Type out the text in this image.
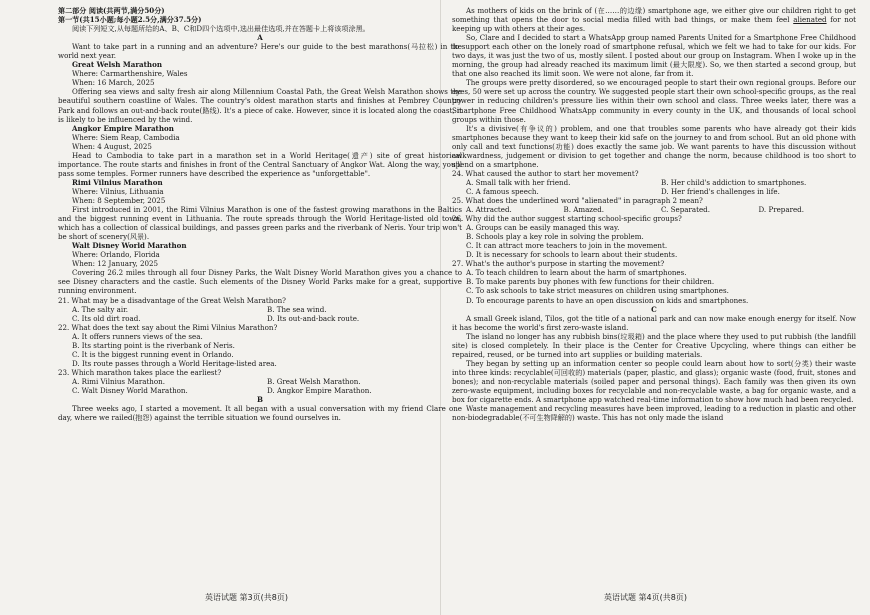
第二部分 阅读(共两节,满分50分)

第一节(共15小题;每小题2.5分,满分37.5分)

阅读下列短文,从每题所给的A、B、C和D四个选项中,选出最佳选项,并在答题卡上将该项涂黑。

A

Want to take part in a running and an adventure? Here's our guide to the best marathons(马拉松) in the world next year.

Great Welsh Marathon

Where: Carmarthenshire, Wales

When: 16 March, 2025

Offering sea views and salty fresh air along Millennium Coastal Path, the Great Welsh Marathon shows the beautiful southern coastline of Wales. The country's oldest marathon starts and finishes at Pembrey Country Park and follows an out-and-back route(路线). It's a piece of cake. However, since it is located along the coast, it is likely to be influenced by the wind.

Angkor Empire Marathon

Where: Siem Reap, Cambodia

When: 4 August, 2025

Head to Cambodia to take part in a marathon set in a World Heritage(遗产) site of great historical importance. The route starts and finishes in front of the Central Sanctuary of Angkor Wat. Along the way, you'll pass some temples. Former runners have described the experience as "unforgettable".

Rimi Vilnius Marathon

Where: Vilnius, Lithuania

When: 8 September, 2025

First introduced in 2001, the Rimi Vilnius Marathon is one of the fastest growing marathons in the Baltics and the biggest running event in Lithuania. The route spreads through the World Heritage-listed old town, which has a collection of classical buildings, and passes green parks and the riverbank of Neris. Your trip won't be short of scenery(风景).

Walt Disney World Marathon

Where: Orlando, Florida

When: 12 January, 2025

Covering 26.2 miles through all four Disney Parks, the Walt Disney World Marathon gives you a chance to see Disney characters and the castle. Such elements of the Disney World Parks make for a great, supportive running environment.

21. What may be a disadvantage of the Great Welsh Marathon?

A. The salty air.	B. The sea wind.
C. Its old dirt road.	D. Its out-and-back route.

22. What does the text say about the Rimi Vilnius Marathon?

A. It offers runners views of the sea.

B. Its starting point is the riverbank of Neris.

C. It is the biggest running event in Orlando.

D. Its route passes through a World Heritage-listed area.

23. Which marathon takes place the earliest?

A. Rimi Vilnius Marathon.	B. Great Welsh Marathon.
C. Walt Disney World Marathon.	D. Angkor Empire Marathon.

B

Three weeks ago, I started a movement. It all began with a usual conversation with my friend Clare one day, where we railed(抱怨) against the terrible situation we found ourselves in.

As mothers of kids on the brink of (在……的边缘) smartphone age, we either give our children right to get something that opens the door to social media filled with bad things, or make them feel alienated for not keeping up with others at their ages.

So, Clare and I decided to start a WhatsApp group named Parents United for a Smartphone Free Childhood to support each other on the lonely road of smartphone refusal, which we felt we had to take for our kids. For two days, it was just the two of us, mostly silent. I posted about our group on Instagram. When I woke up in the morning, the group had already reached its maximum limit (最大限度). So, we then started a second group, but that one also reached its limit soon. We were not alone, far from it.

The groups were pretty disordered, so we encouraged people to start their own regional groups. Before our eyes, 50 were set up across the country. We suggested people start their own school-specific groups, as the real power in reducing children's pressure lies within their own school and class. Three weeks later, there was a Smartphone Free Childhood WhatsApp community in every county in the UK, and thousands of local school groups within those.

It's a divisive(有争议的) problem, and one that troubles some parents who have already got their kids smartphones because they want to keep their kid safe on the journey to and from school. But an old phone with only call and text functions(功能) does exactly the same job. We want parents to have this discussion without awkwardness, judgement or division to get together and change the norm, because childhood is too short to spend on a smartphone.

24. What caused the author to start her movement?

A. Small talk with her friend.	B. Her child's addiction to smartphones.
C. A famous speech.	D. Her friend's challenges in life.

25. What does the underlined word "alienated" in paragraph 2 mean?

A. Attracted.	B. Amazed.	C. Separated.	D. Prepared.

26. Why did the author suggest starting school-specific groups?

A. Groups can be easily managed this way.

B. Schools play a key role in solving the problem.

C. It can attract more teachers to join in the movement.

D. It is necessary for schools to learn about their students.

27. What's the author's purpose in starting the movement?

A. To teach children to learn about the harm of smartphones.

B. To make parents buy phones with few functions for their children.

C. To ask schools to take strict measures on children using smartphones.

D. To encourage parents to have an open discussion on kids and smartphones.

C

A small Greek island, Tilos, got the title of a national park and can now make enough energy for itself. Now it has become the world's first zero-waste island.

The island no longer has any rubbish bins(垃圾箱) and the place where they used to put rubbish (the landfill site) is closed completely. In their place is the Center for Creative Upcycling, where things can either be repaired, reused, or be turned into art supplies or building materials.

They began by setting up an information center so people could learn about how to sort(分类) their waste into three kinds: recyclable(可回收的) materials (paper, plastic, and glass); organic waste (food, fruit, stones and bones); and non-recyclable materials (soiled paper and personal things). Each family was then given its own zero-waste equipment, including boxes for recyclable and non-recyclable waste, a bag for organic waste, and a box for cigarette ends. A smartphone app watched real-time information to show how much had been recycled.

Waste management and recycling measures have been improved, leading to a reduction in plastic and other non-biodegradable(不可生物降解的) waste. This has not only made the island

英语试题 第3页(共8页)	英语试题 第4页(共8页)
